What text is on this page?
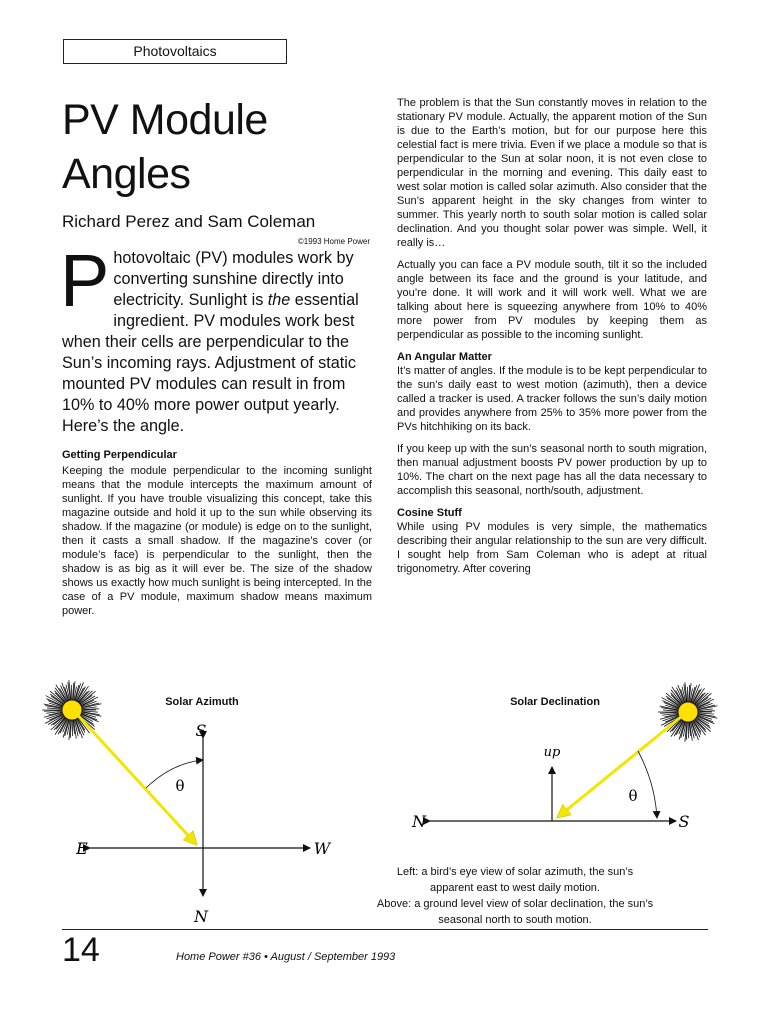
Photovoltaics
PV Module
Angles
Richard Perez and Sam Coleman
©1993 Home Power
P hotovoltaic (PV) modules work by converting sunshine directly into electricity. Sunlight is the essential ingredient. PV modules work best when their cells are perpendicular to the Sun’s incoming rays. Adjustment of static mounted PV modules can result in from 10% to 40% more power output yearly. Here’s the angle.

Getting Perpendicular

Keeping the module perpendicular to the incoming sunlight means that the module intercepts the maximum amount of sunlight. If you have trouble visualizing this concept, take this magazine outside and hold it up to the sun while observing its shadow. If the magazine (or module) is edge on to the sunlight, then it casts a small shadow. If the magazine’s cover (or module’s face) is perpendicular to the sunlight, then the shadow is as big as it will ever be. The size of the shadow shows us exactly how much sunlight is being intercepted. In the case of a PV module, maximum shadow means maximum power.

The problem is that the Sun constantly moves in relation to the stationary PV module. Actually, the apparent motion of the Sun is due to the Earth’s motion, but for our purpose here this celestial fact is mere trivia. Even if we place a module so that is perpendicular to the Sun at solar noon, it is not even close to perpendicular in the morning and evening. This daily east to west solar motion is called solar azimuth. Also consider that the Sun’s apparent height in the sky changes from winter to summer. This yearly north to south solar motion is called solar declination. And you thought solar power was simple. Well, it really is…

Actually you can face a PV module south, tilt it so the included angle between its face and the ground is your latitude, and you’re done. It will work and it will work well. What we are talking about here is squeezing anywhere from 10% to 40% more power from PV modules by keeping them as perpendicular as possible to the incoming sunlight.

An Angular Matter

It’s matter of angles. If the module is to be kept perpendicular to the sun’s daily east to west motion (azimuth), then a device called a tracker is used. A tracker follows the sun’s daily motion and provides anywhere from 25% to 35% more power from the PVs hitchhiking on its back.

If you keep up with the sun’s seasonal north to south migration, then manual adjustment boosts PV power production by up to 10%. The chart on the next page has all the data necessary to accomplish this seasonal, north/south, adjustment.

Cosine Stuff

While using PV modules is very simple, the mathematics describing their angular relationship to the sun are very difficult. I sought help from Sam Coleman who is adept at ritual trigonometry. After covering

Solar Azimuth	Solar Declination
S
N
E	W
θ
up
N	S
θ
Left: a bird’s eye view of solar azimuth, the sun’s
apparent east to west daily motion.
Above: a ground level view of solar declination, the sun’s
seasonal north to south motion.
14	Home Power #36 • August / September 1993
